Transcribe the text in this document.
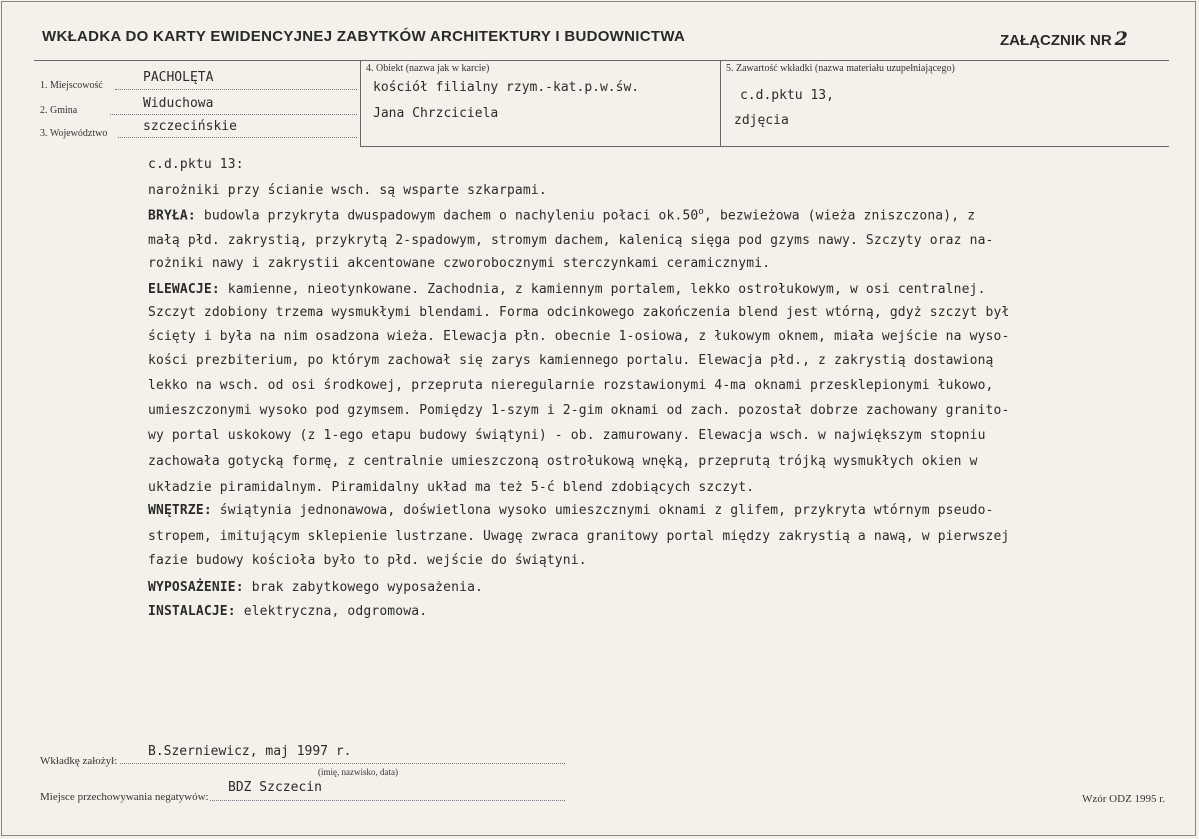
WKŁADKA DO KARTY EWIDENCYJNEJ ZABYTKÓW ARCHITEKTURY I BUDOWNICTWA	ZAŁĄCZNIK NR 2
1. Miejscowość
PACHOLĘTA
2. Gmina	Widuchowa
3. Województwo	szczecińskie
4. Obiekt (nazwa jak w karcie)
kościół filialny rzym.-kat.p.w.św.
Jana Chrzciciela
5. Zawartość wkładki (nazwa materiału uzupełniającego)
c.d.pktu 13,
zdjęcia
c.d.pktu 13:
narożniki przy ścianie wsch. są wsparte szkarpami.
BRYŁA: budowla przykryta dwuspadowym dachem o nachyleniu połaci ok.50$^o$, bezwieżowa (wieża zniszczona), z
małą płd. zakrystią, przykrytą 2-spadowym, stromym dachem, kalenicą sięga pod gzyms nawy. Szczyty oraz na-
rożniki nawy i zakrystii akcentowane czworobocznymi sterczynkami ceramicznymi.
ELEWACJE: kamienne, nieotynkowane. Zachodnia, z kamiennym portalem, lekko ostrołukowym, w osi centralnej.
Szczyt zdobiony trzema wysmukłymi blendami. Forma odcinkowego zakończenia blend jest wtórną, gdyż szczyt był
ścięty i była na nim osadzona wieża. Elewacja płn. obecnie 1-osiowa, z łukowym oknem, miała wejście na wyso-
kości prezbiterium, po którym zachował się zarys kamiennego portalu. Elewacja płd., z zakrystią dostawioną
lekko na wsch. od osi środkowej, przepruta nieregularnie rozstawionymi 4-ma oknami przesklepionymi łukowo,
umieszczonymi wysoko pod gzymsem. Pomiędzy 1-szym i 2-gim oknami od zach. pozostał dobrze zachowany granito-
wy portal uskokowy (z 1-ego etapu budowy świątyni) - ob. zamurowany. Elewacja wsch. w największym stopniu
zachowała gotycką formę, z centralnie umieszczoną ostrołukową wnęką, przeprutą trójką wysmukłych okien w
układzie piramidalnym. Piramidalny układ ma też 5-ć blend zdobiących szczyt.
WNĘTRZE: świątynia jednonawowa, doświetlona wysoko umieszcznymi oknami z glifem, przykryta wtórnym pseudo-
stropem, imitującym sklepienie lustrzane. Uwagę zwraca granitowy portal między zakrystią a nawą, w pierwszej
fazie budowy kościoła było to płd. wejście do świątyni.
WYPOSAŻENIE: brak zabytkowego wyposażenia.
INSTALACJE: elektryczna, odgromowa.
Wkładkę założył:
B.Szerniewicz, maj 1997 r.
(imię, nazwisko, data)
Miejsce przechowywania negatywów:
BDZ Szczecin
Wzór ODZ 1995 r.
